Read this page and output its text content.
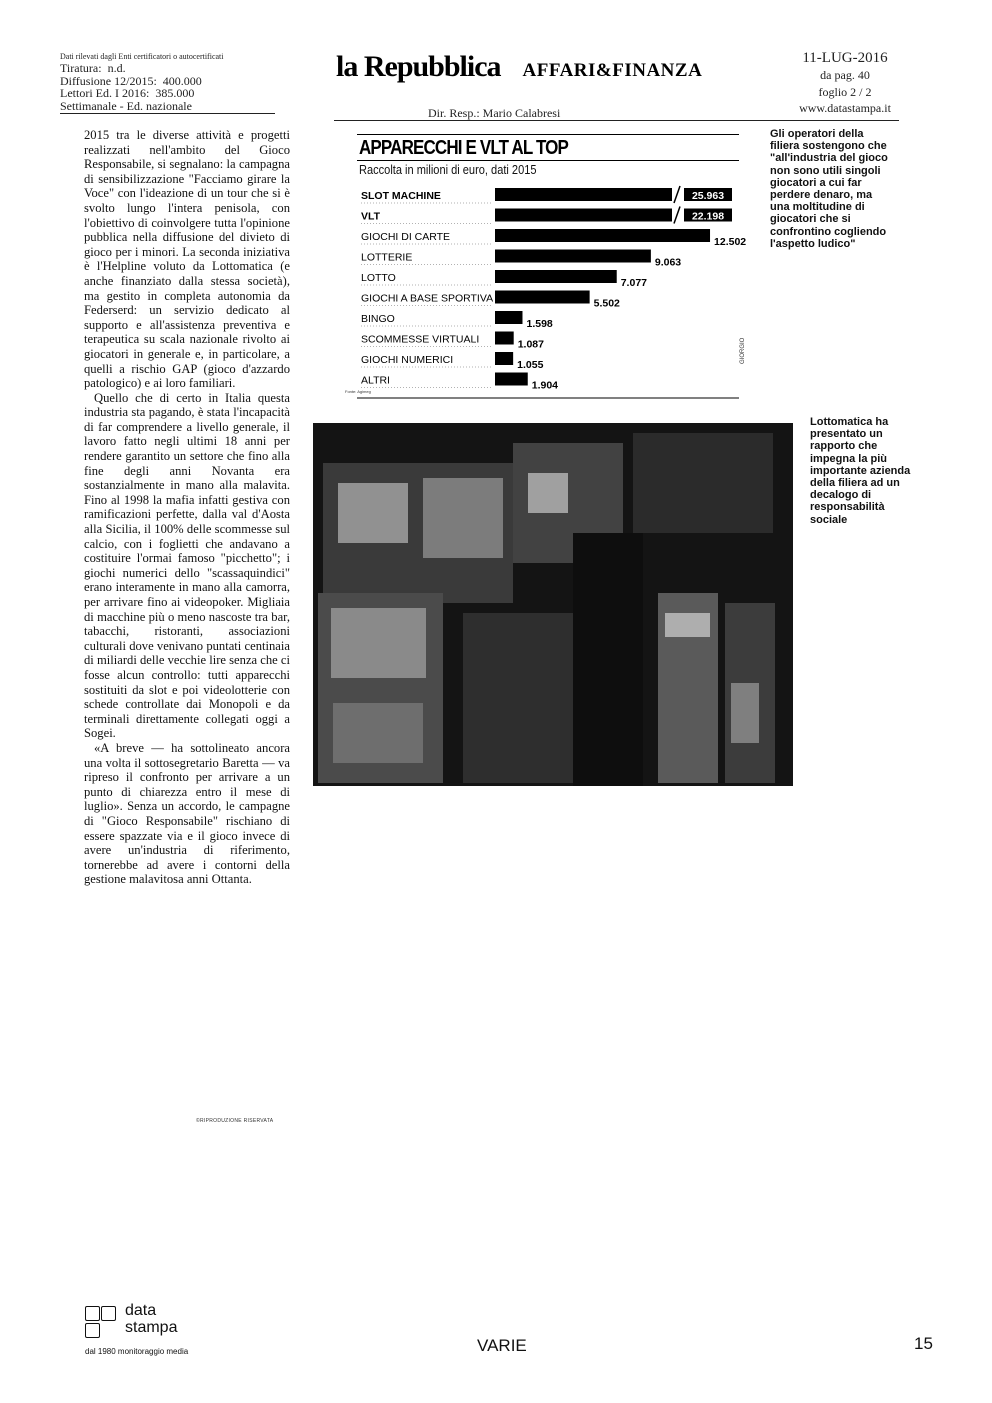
Dati rilevati dagli Enti certificatori o autocertificati
Tiratura: n.d.
Diffusione 12/2015: 400.000
Lettori Ed. I 2016: 385.000
Settimanale - Ed. nazionale
la Repubblica AFFARI&FINANZA
Dir. Resp.: Mario Calabresi
11-LUG-2016
da pag. 40
foglio 2 / 2
www.datastampa.it

2015 tra le diverse attività e progetti realizzati nell'ambito del Gioco Responsabile, si segnalano: la campagna di sensibilizzazione "Facciamo girare la Voce" con l'ideazione di un tour che si è svolto lungo l'intera penisola, con l'obiettivo di coinvolgere tutta l'opinione pubblica nella diffusione del divieto di gioco per i minori. La seconda iniziativa è l'Helpline voluto da Lottomatica (e anche finanziato dalla stessa società), ma gestito in completa autonomia da Federserd: un servizio dedicato al supporto e all'assistenza preventiva e terapeutica su scala nazionale rivolto ai giocatori in generale e, in particolare, a quelli a rischio GAP (gioco d'azzardo patologico) e ai loro familiari.

Quello che di certo in Italia questa industria sta pagando, è stata l'incapacità di far comprendere a livello generale, il lavoro fatto negli ultimi 18 anni per rendere garantito un settore che fino alla fine degli anni Novanta era sostanzialmente in mano alla malavita. Fino al 1998 la mafia infatti gestiva con ramificazioni perfette, dalla val d'Aosta alla Sicilia, il 100% delle scommesse sul calcio, con i foglietti che andavano a costituire l'ormai famoso "picchetto"; i giochi numerici dello "scassaquindici" erano interamente in mano alla camorra, per arrivare fino ai videopoker. Migliaia di macchine più o meno nascoste tra bar, tabacchi, ristoranti, associazioni culturali dove venivano puntati centinaia di miliardi delle vecchie lire senza che ci fosse alcun controllo: tutti apparecchi sostituiti da slot e poi videolotterie con schede controllate dai Monopoli e da terminali direttamente collegati oggi a Sogei.

«A breve — ha sottolineato ancora una volta il sottosegretario Baretta — va ripreso il confronto per arrivare a un punto di chiarezza entro il mese di luglio». Senza un accordo, le campagne di "Gioco Responsabile" rischiano di essere spazzate via e il gioco invece di avere un'industria di riferimento, tornerebbe ad avere i contorni della gestione malavitosa anni Ottanta.

©RIPRODUZIONE RISERVATA
APPARECCHI E VLT AL TOP
Raccolta in milioni di euro, dati 2015
SLOT MACHINE	25.963
VLT	22.198
GIOCHI DI CARTE	12.502
LOTTERIE	9.063
LOTTO	7.077
GIOCHI A BASE SPORTIVA	5.502
BINGO	1.598
SCOMMESSE VIRTUALI	1.087
GIOCHI NUMERICI	1.055
ALTRI	1.904
Fonte: Agimeg
GIORGIO
Gli operatori della filiera sostengono che "all'industria del gioco non sono utili singoli giocatori a cui far perdere denaro, ma una moltitudine di giocatori che si confrontino cogliendo l'aspetto ludico"
Lottomatica ha presentato un rapporto che impegna la più importante azienda della filiera ad un decalogo di responsabilità sociale
data
stampa
dal 1980 monitoraggio media	VARIE	15
